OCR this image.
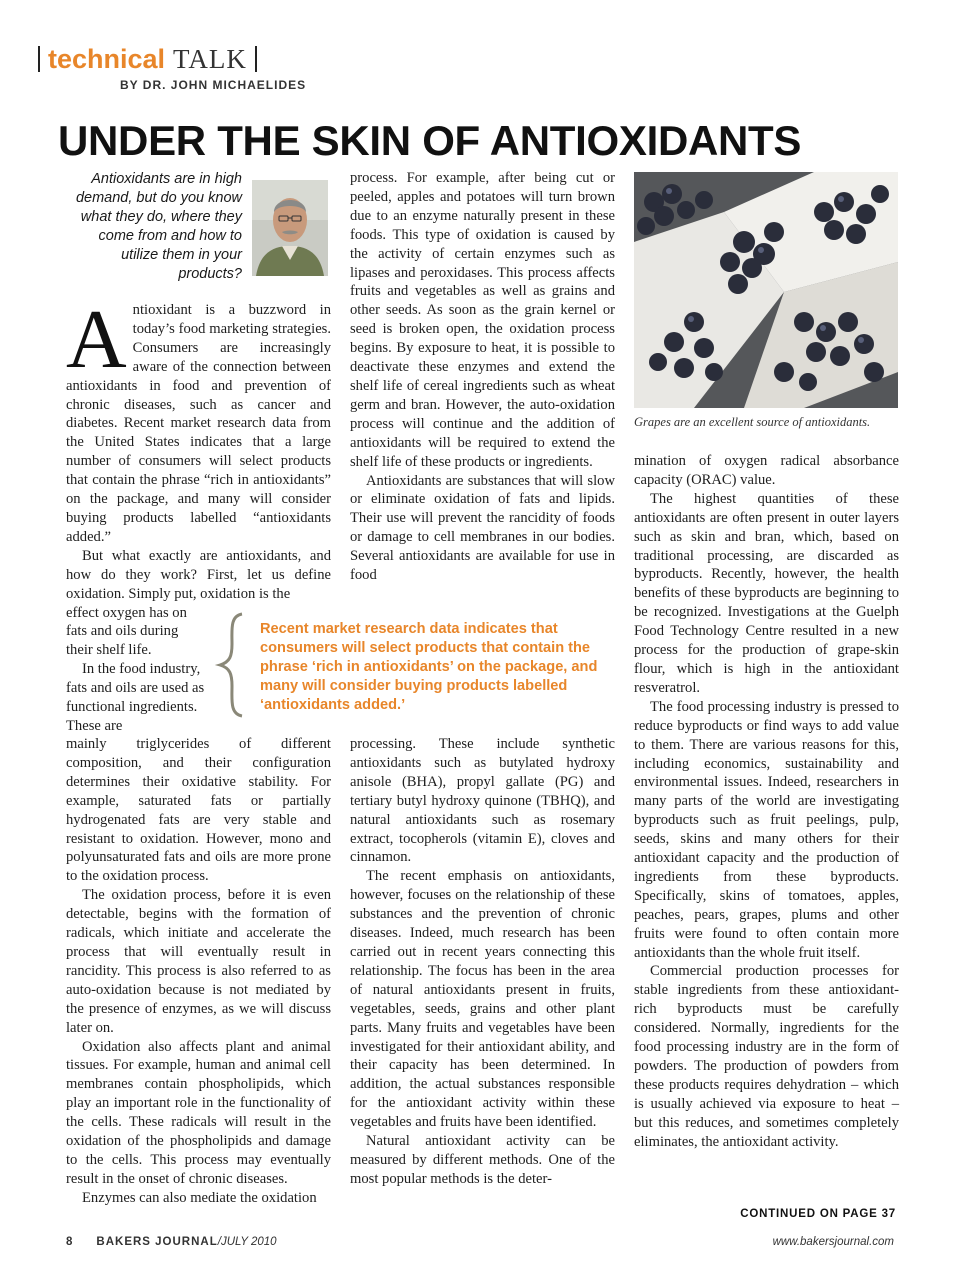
technical TALK
BY DR. JOHN MICHAELIDES
UNDER THE SKIN OF ANTIOXIDANTS
Antioxidants are in high demand, but do you know what they do, where they come from and how to utilize them in your products?

Antioxidant is a buzzword in today’s food marketing strategies. Consumers are increasingly aware of the connection between antioxidants in food and prevention of chronic diseases, such as cancer and diabetes. Recent market research data from the United States indicates that a large number of consumers will select products that contain the phrase “rich in antioxidants” on the package, and many will consider buying products labelled “antioxidants added.”

But what exactly are antioxidants, and how do they work? First, let us define oxidation. Simply put, oxidation is the

effect oxygen has on fats and oils during their shelf life.

In the food industry, fats and oils are used as functional ingredients. These are

mainly triglycerides of different composition, and their configuration determines their oxidative stability. For example, saturated fats or partially hydrogenated fats are very stable and resistant to oxidation. However, mono and polyunsaturated fats and oils are more prone to the oxidation process.

The oxidation process, before it is even detectable, begins with the formation of radicals, which initiate and accelerate the process that will eventually result in rancidity. This process is also referred to as auto-oxidation because is not mediated by the presence of enzymes, as we will discuss later on.

Oxidation also affects plant and animal tissues. For example, human and animal cell membranes contain phospholipids, which play an important role in the functionality of the cells. These radicals will result in the oxidation of the phospholipids and damage to the cells. This process may eventually result in the onset of chronic diseases.

Enzymes can also mediate the oxidation

process. For example, after being cut or peeled, apples and potatoes will turn brown due to an enzyme naturally present in these foods. This type of oxidation is caused by the activity of certain enzymes such as lipases and peroxidases. This process affects fruits and vegetables as well as grains and other seeds. As soon as the grain kernel or seed is broken open, the oxidation process begins. By exposure to heat, it is possible to deactivate these enzymes and extend the shelf life of cereal ingredients such as wheat germ and bran. However, the auto-oxidation process will continue and the addition of antioxidants will be required to extend the shelf life of these products or ingredients.

Antioxidants are substances that will slow or eliminate oxidation of fats and lipids. Their use will prevent the rancidity of foods or damage to cell membranes in our bodies. Several antioxidants are available for use in food

Recent market research data indicates that consumers will select products that contain the phrase ‘rich in antioxidants’ on the package, and many will consider buying products labelled ‘antioxidants added.’

processing. These include synthetic antioxidants such as butylated hydroxy anisole (BHA), propyl gallate (PG) and tertiary butyl hydroxy quinone (TBHQ), and natural antioxidants such as rosemary extract, tocopherols (vitamin E), cloves and cinnamon.

The recent emphasis on antioxidants, however, focuses on the relationship of these substances and the prevention of chronic diseases. Indeed, much research has been carried out in recent years connecting this relationship. The focus has been in the area of natural antioxidants present in fruits, vegetables, seeds, grains and other plant parts. Many fruits and vegetables have been investigated for their antioxidant ability, and their capacity has been determined. In addition, the actual substances responsible for the antioxidant activity within these vegetables and fruits have been identified.

Natural antioxidant activity can be measured by different methods. One of the most popular methods is the deter-

Grapes are an excellent source of antioxidants.

mination of oxygen radical absorbance capacity (ORAC) value.

The highest quantities of these antioxidants are often present in outer layers such as skin and bran, which, based on traditional processing, are discarded as byproducts. Recently, however, the health benefits of these byproducts are beginning to be recognized. Investigations at the Guelph Food Technology Centre resulted in a new process for the production of grape-skin flour, which is high in the antioxidant resveratrol.

The food processing industry is pressed to reduce byproducts or find ways to add value to them. There are various reasons for this, including economics, sustainability and environmental issues. Indeed, researchers in many parts of the world are investigating byproducts such as fruit peelings, pulp, seeds, skins and many others for their antioxidant capacity and the production of ingredients from these byproducts. Specifically, skins of tomatoes, apples, peaches, pears, grapes, plums and other fruits were found to often contain more antioxidants than the whole fruit itself.

Commercial production processes for stable ingredients from these antioxidant-rich byproducts must be carefully considered. Normally, ingredients for the food processing industry are in the form of powders. The production of powders from these products requires dehydration – which is usually achieved via exposure to heat – but this reduces, and sometimes completely eliminates, the antioxidant activity.

CONTINUED ON PAGE 37
8 BAKERS JOURNAL/JULY 2010	www.bakersjournal.com
